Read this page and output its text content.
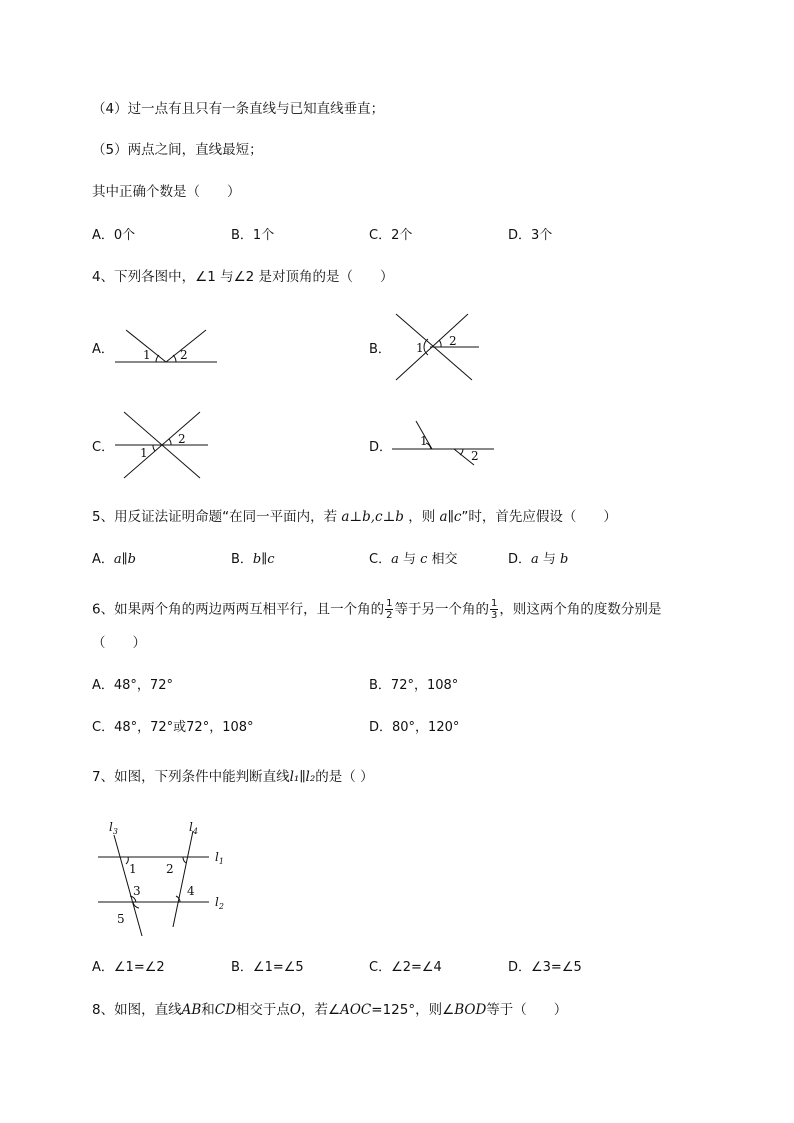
（4）过一点有且只有一条直线与已知直线垂直；
（5）两点之间，直线最短；
其中正确个数是（　　）
A．0个	B．1个	C．2个	D．3个
4、下列各图中，∠1 与∠2 是对顶角的是（　　）
A． 1 2	B． 1 2
C．
2
1	D． 1
2
5、用反证法证明命题“在同一平面内，若 a⊥b,c⊥b ，则 a∥c”时，首先应假设（　　）
A．a∥b	B．b∥c	C．a 与 c 相交	D．a 与 b
6、如果两个角的两边两两互相平行，且一个角的 $\frac{1}{2}$ 等于另一个角的 $\frac{1}{3}$ ，则这两个角的度数分别是
（　　）
A．48°，72°	B．72°，108°
C．48°，72°或72°，108°	D．80°，120°
7、如图，下列条件中能判断直线l₁∥l₂的是（ ）
$l_3$	$l_4$
$l_1$
$l_2$
1 2
3	4
5
A．∠1=∠2	B．∠1=∠5	C．∠2=∠4	D．∠3=∠5
8、如图，直线AB和CD相交于点O，若∠AOC=125°，则∠BOD等于（　　）
